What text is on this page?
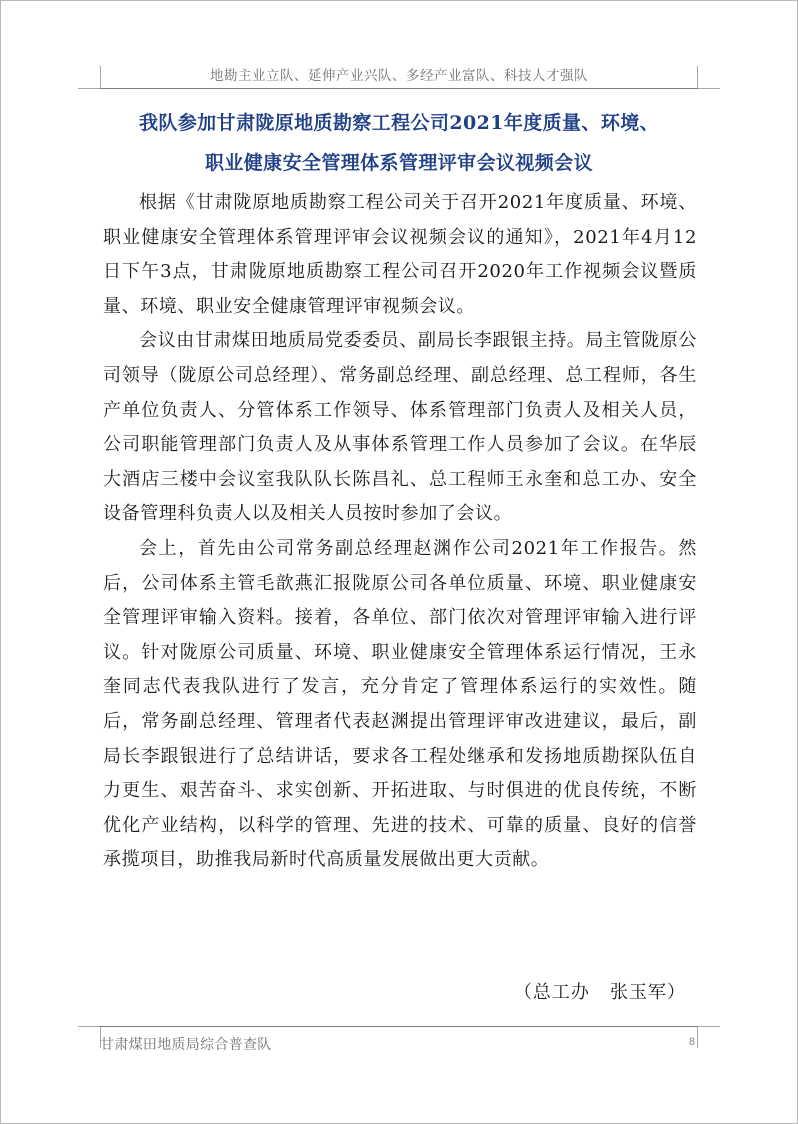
地勘主业立队、延伸产业兴队、多经产业富队、科技人才强队
我队参加甘肃陇原地质勘察工程公司2021年度质量、环境、
职业健康安全管理体系管理评审会议视频会议

根据《甘肃陇原地质勘察工程公司关于召开2021年度质量、环境、职业健康安全管理体系管理评审会议视频会议的通知》，2021年4月12日下午3点，甘肃陇原地质勘察工程公司召开2020年工作视频会议暨质量、环境、职业安全健康管理评审视频会议。

会议由甘肃煤田地质局党委委员、副局长李跟银主持。局主管陇原公司领导（陇原公司总经理）、常务副总经理、副总经理、总工程师，各生产单位负责人、分管体系工作领导、体系管理部门负责人及相关人员，公司职能管理部门负责人及从事体系管理工作人员参加了会议。在华辰大酒店三楼中会议室我队队长陈昌礼、总工程师王永奎和总工办、安全设备管理科负责人以及相关人员按时参加了会议。

会上，首先由公司常务副总经理赵渊作公司2021年工作报告。然后，公司体系主管毛歆燕汇报陇原公司各单位质量、环境、职业健康安全管理评审输入资料。接着，各单位、部门依次对管理评审输入进行评议。针对陇原公司质量、环境、职业健康安全管理体系运行情况，王永奎同志代表我队进行了发言，充分肯定了管理体系运行的实效性。随后，常务副总经理、管理者代表赵渊提出管理评审改进建议，最后，副局长李跟银进行了总结讲话，要求各工程处继承和发扬地质勘探队伍自力更生、艰苦奋斗、求实创新、开拓进取、与时俱进的优良传统，不断优化产业结构，以科学的管理、先进的技术、可靠的质量、良好的信誉承揽项目，助推我局新时代高质量发展做出更大贡献。

（总工办   张玉军）
甘肃煤田地质局综合普查队	8
